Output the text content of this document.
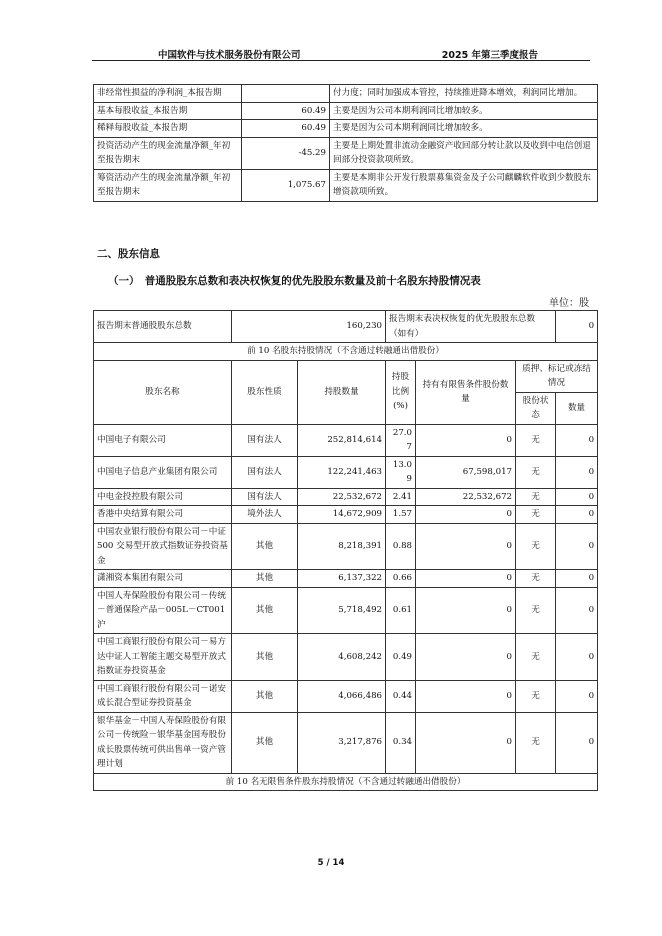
中国软件与技术服务股份有限公司	2025 年第三季度报告
非经常性损益的净利润_本报告期		付力度；同时加强成本管控，持续推进降本增效，利润同比增加。
基本每股收益_本报告期	60.49	主要是因为公司本期利润同比增加较多。
稀释每股收益_本报告期	60.49	主要是因为公司本期利润同比增加较多。
投资活动产生的现金流量净额_年初至报告期末	-45.29	主要是上期处置非流动金融资产收回部分转让款以及收到中电信创退回部分投资款项所致。
筹资活动产生的现金流量净额_年初至报告期末	1,075.67	主要是本期非公开发行股票募集资金及子公司麒麟软件收到少数股东增资款项所致。
二、股东信息
（一）　普通股股东总数和表决权恢复的优先股股东数量及前十名股东持股情况表
单位：股
报告期末普通股股东总数	160,230		报告期末表决权恢复的优先股股东总数（如有）			0
前 10 名股东持股情况（不含通过转融通出借股份）						
股东名称	股东性质	持股数量	持股比例(%)	持有有限售条件股份数量	质押、标记或冻结情况	
					股份状态	数量
中国电子有限公司	国有法人	252,814,614	27.07	0	无	0
中国电子信息产业集团有限公司	国有法人	122,241,463	13.09	67,598,017	无	0
中电金投控股有限公司	国有法人	22,532,672	2.41	22,532,672	无	0
香港中央结算有限公司	境外法人	14,672,909	1.57	0	无	0
中国农业银行股份有限公司－中证 500 交易型开放式指数证券投资基金	其他	8,218,391	0.88	0	无	0
潇湘资本集团有限公司	其他	6,137,322	0.66	0	无	0
中国人寿保险股份有限公司－传统－普通保险产品－005L－CT001 沪	其他	5,718,492	0.61	0	无	0
中国工商银行股份有限公司－易方达中证人工智能主题交易型开放式指数证券投资基金	其他	4,608,242	0.49	0	无	0
中国工商银行股份有限公司－诺安成长混合型证券投资基金	其他	4,066,486	0.44	0	无	0
银华基金－中国人寿保险股份有限公司－传统险－银华基金国寿股份成长股票传统可供出售单一资产管理计划	其他	3,217,876	0.34	0	无	0
前 10 名无限售条件股东持股情况（不含通过转融通出借股份）						
5 / 14
